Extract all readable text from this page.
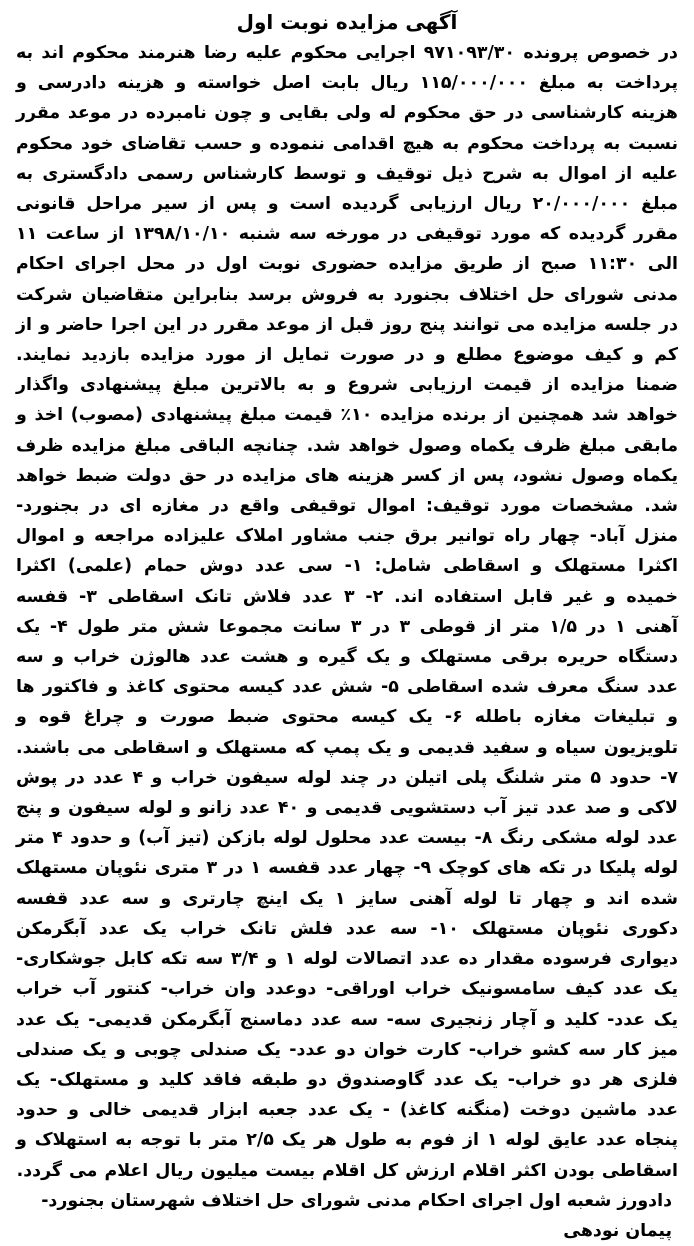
آگهی مزایده نوبت اول

در خصوص پرونده ۹۷۱۰۹۳/۳۰ اجرایی محکوم علیه رضا هنرمند محکوم اند به پرداخت به مبلغ ۱۱۵/۰۰۰/۰۰۰ ریال بابت اصل خواسته و هزینه دادرسی و هزینه کارشناسی در حق محکوم له ولی بقایی و چون نامبرده در موعد مقرر نسبت به پرداخت محکوم به هیچ اقدامی ننموده و حسب تقاضای خود محکوم علیه از اموال به شرح ذیل توقیف و توسط کارشناس رسمی دادگستری به مبلغ ۲۰/۰۰۰/۰۰۰ ریال ارزیابی گردیده است و پس از سیر مراحل قانونی مقرر گردیده که مورد توقیفی در مورخه سه شنبه ۱۳۹۸/۱۰/۱۰ از ساعت ۱۱ الی ۱۱:۳۰ صبح از طریق مزایده حضوری نوبت اول در محل اجرای احکام مدنی شورای حل اختلاف بجنورد به فروش برسد بنابراین متقاضیان شرکت در جلسه مزایده می توانند پنج روز قبل از موعد مقرر در این اجرا حاضر و از کم و کیف موضوع مطلع و در صورت تمایل از مورد مزایده بازدید نمایند. ضمنا مزایده از قیمت ارزیابی شروع و به بالاترین مبلغ پیشنهادی واگذار خواهد شد همچنین از برنده مزایده ۱۰٪ قیمت مبلغ پیشنهادی (مصوب) اخذ و مابقی مبلغ ظرف یکماه وصول خواهد شد. چنانچه الباقی مبلغ مزایده ظرف یکماه وصول نشود، پس از کسر هزینه های مزایده در حق دولت ضبط خواهد شد. مشخصات مورد توقیف: اموال توقیفی واقع در مغازه ای در بجنورد- منزل آباد- چهار راه توانیر برق جنب مشاور املاک علیزاده مراجعه و اموال اکثرا مستهلک و اسقاطی شامل: ۱- سی عدد دوش حمام (علمی) اکثرا خمیده و غیر قابل استفاده اند. ۲- ۳ عدد فلاش تانک اسقاطی ۳- قفسه آهنی ۱ در ۱/۵ متر از قوطی ۳ در ۳ سانت مجموعا شش متر طول ۴- یک دستگاه حریره برقی مستهلک و یک گیره و هشت عدد هالوژن خراب و سه عدد سنگ معرف شده اسقاطی ۵- شش عدد کیسه محتوی کاغذ و فاکتور ها و تبلیغات مغازه باطله ۶- یک کیسه محتوی ضبط صورت و چراغ قوه و تلویزیون سیاه و سفید قدیمی و یک پمپ که مستهلک و اسقاطی می باشند. ۷- حدود ۵ متر شلنگ پلی اتیلن در چند لوله سیفون خراب و ۴ عدد در پوش لاکی و صد عدد تیز آب دستشویی قدیمی و ۴۰ عدد زانو و لوله سیفون و پنج عدد لوله مشکی رنگ ۸- بیست عدد محلول لوله بازکن (تیز آب) و حدود ۴ متر لوله پلیکا در تکه های کوچک ۹- چهار عدد قفسه ۱ در ۳ متری نئوپان مستهلک شده اند و چهار تا لوله آهنی سایز ۱ یک اینچ چارتری و سه عدد قفسه دکوری نئوپان مستهلک ۱۰- سه عدد فلش تانک خراب یک عدد آبگرمکن دیواری فرسوده مقدار ده عدد اتصالات لوله ۱ و ۳/۴ سه تکه کابل جوشکاری- یک عدد کیف سامسونیک خراب اوراقی- دوعدد وان خراب- کنتور آب خراب یک عدد- کلید و آچار زنجیری سه- سه عدد دماسنج آبگرمکن قدیمی- یک عدد میز کار سه کشو خراب- کارت خوان دو عدد- یک صندلی چوبی و یک صندلی فلزی هر دو خراب- یک عدد گاوصندوق دو طبقه فاقد کلید و مستهلک- یک عدد ماشین دوخت (منگنه کاغذ) - یک عدد جعبه ابزار قدیمی خالی و حدود پنجاه عدد عایق لوله ۱ از فوم به طول هر یک ۲/۵ متر با توجه به استهلاک و اسقاطی بودن اکثر اقلام ارزش کل اقلام بیست میلیون ریال اعلام می گردد.

دادورز شعبه اول اجرای احکام مدنی شورای حل اختلاف شهرستان بجنورد- پیمان نودهی
